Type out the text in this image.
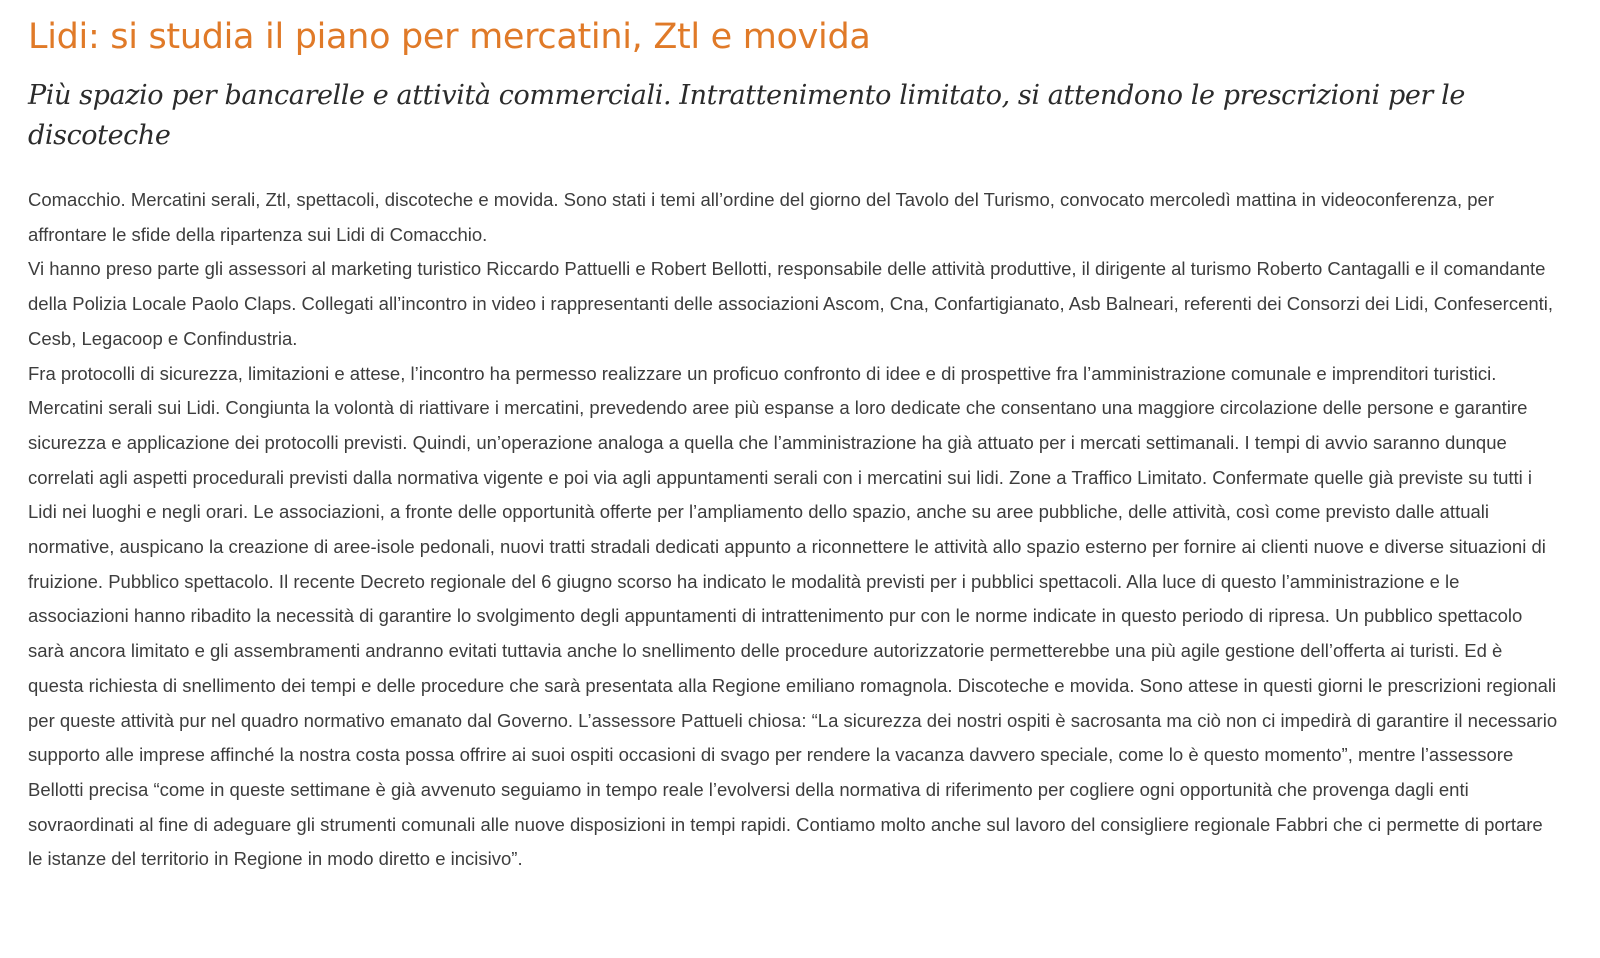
Lidi: si studia il piano per mercatini, Ztl e movida
Più spazio per bancarelle e attività commerciali. Intrattenimento limitato, si attendono le prescrizioni per le discoteche

Comacchio. Mercatini serali, Ztl, spettacoli, discoteche e movida. Sono stati i temi all’ordine del giorno del Tavolo del Turismo, convocato mercoledì mattina in videoconferenza, per affrontare le sfide della ripartenza sui Lidi di Comacchio.

Vi hanno preso parte gli assessori al marketing turistico Riccardo Pattuelli e Robert Bellotti, responsabile delle attività produttive, il dirigente al turismo Roberto Cantagalli e il comandante della Polizia Locale Paolo Claps. Collegati all’incontro in video i rappresentanti delle associazioni Ascom, Cna, Confartigianato, Asb Balneari, referenti dei Consorzi dei Lidi, Confesercenti, Cesb, Legacoop e Confindustria.

Fra protocolli di sicurezza, limitazioni e attese, l’incontro ha permesso realizzare un proficuo confronto di idee e di prospettive fra l’amministrazione comunale e imprenditori turistici. Mercatini serali sui Lidi. Congiunta la volontà di riattivare i mercatini, prevedendo aree più espanse a loro dedicate che consentano una maggiore circolazione delle persone e garantire sicurezza e applicazione dei protocolli previsti. Quindi, un’operazione analoga a quella che l’amministrazione ha già attuato per i mercati settimanali. I tempi di avvio saranno dunque correlati agli aspetti procedurali previsti dalla normativa vigente e poi via agli appuntamenti serali con i mercatini sui lidi. Zone a Traffico Limitato. Confermate quelle già previste su tutti i Lidi nei luoghi e negli orari. Le associazioni, a fronte delle opportunità offerte per l’ampliamento dello spazio, anche su aree pubbliche, delle attività, così come previsto dalle attuali normative, auspicano la creazione di aree-isole pedonali, nuovi tratti stradali dedicati appunto a riconnettere le attività allo spazio esterno per fornire ai clienti nuove e diverse situazioni di fruizione. Pubblico spettacolo. Il recente Decreto regionale del 6 giugno scorso ha indicato le modalità previsti per i pubblici spettacoli. Alla luce di questo l’amministrazione e le associazioni hanno ribadito la necessità di garantire lo svolgimento degli appuntamenti di intrattenimento pur con le norme indicate in questo periodo di ripresa. Un pubblico spettacolo sarà ancora limitato e gli assembramenti andranno evitati tuttavia anche lo snellimento delle procedure autorizzatorie permetterebbe una più agile gestione dell’offerta ai turisti. Ed è questa richiesta di snellimento dei tempi e delle procedure che sarà presentata alla Regione emiliano romagnola. Discoteche e movida. Sono attese in questi giorni le prescrizioni regionali per queste attività pur nel quadro normativo emanato dal Governo. L’assessore Pattueli chiosa: “La sicurezza dei nostri ospiti è sacrosanta ma ciò non ci impedirà di garantire il necessario supporto alle imprese affinché la nostra costa possa offrire ai suoi ospiti occasioni di svago per rendere la vacanza davvero speciale, come lo è questo momento”, mentre l’assessore Bellotti precisa “come in queste settimane è già avvenuto seguiamo in tempo reale l’evolversi della normativa di riferimento per cogliere ogni opportunità che provenga dagli enti sovraordinati al fine di adeguare gli strumenti comunali alle nuove disposizioni in tempi rapidi. Contiamo molto anche sul lavoro del consigliere regionale Fabbri che ci permette di portare le istanze del territorio in Regione in modo diretto e incisivo”.
